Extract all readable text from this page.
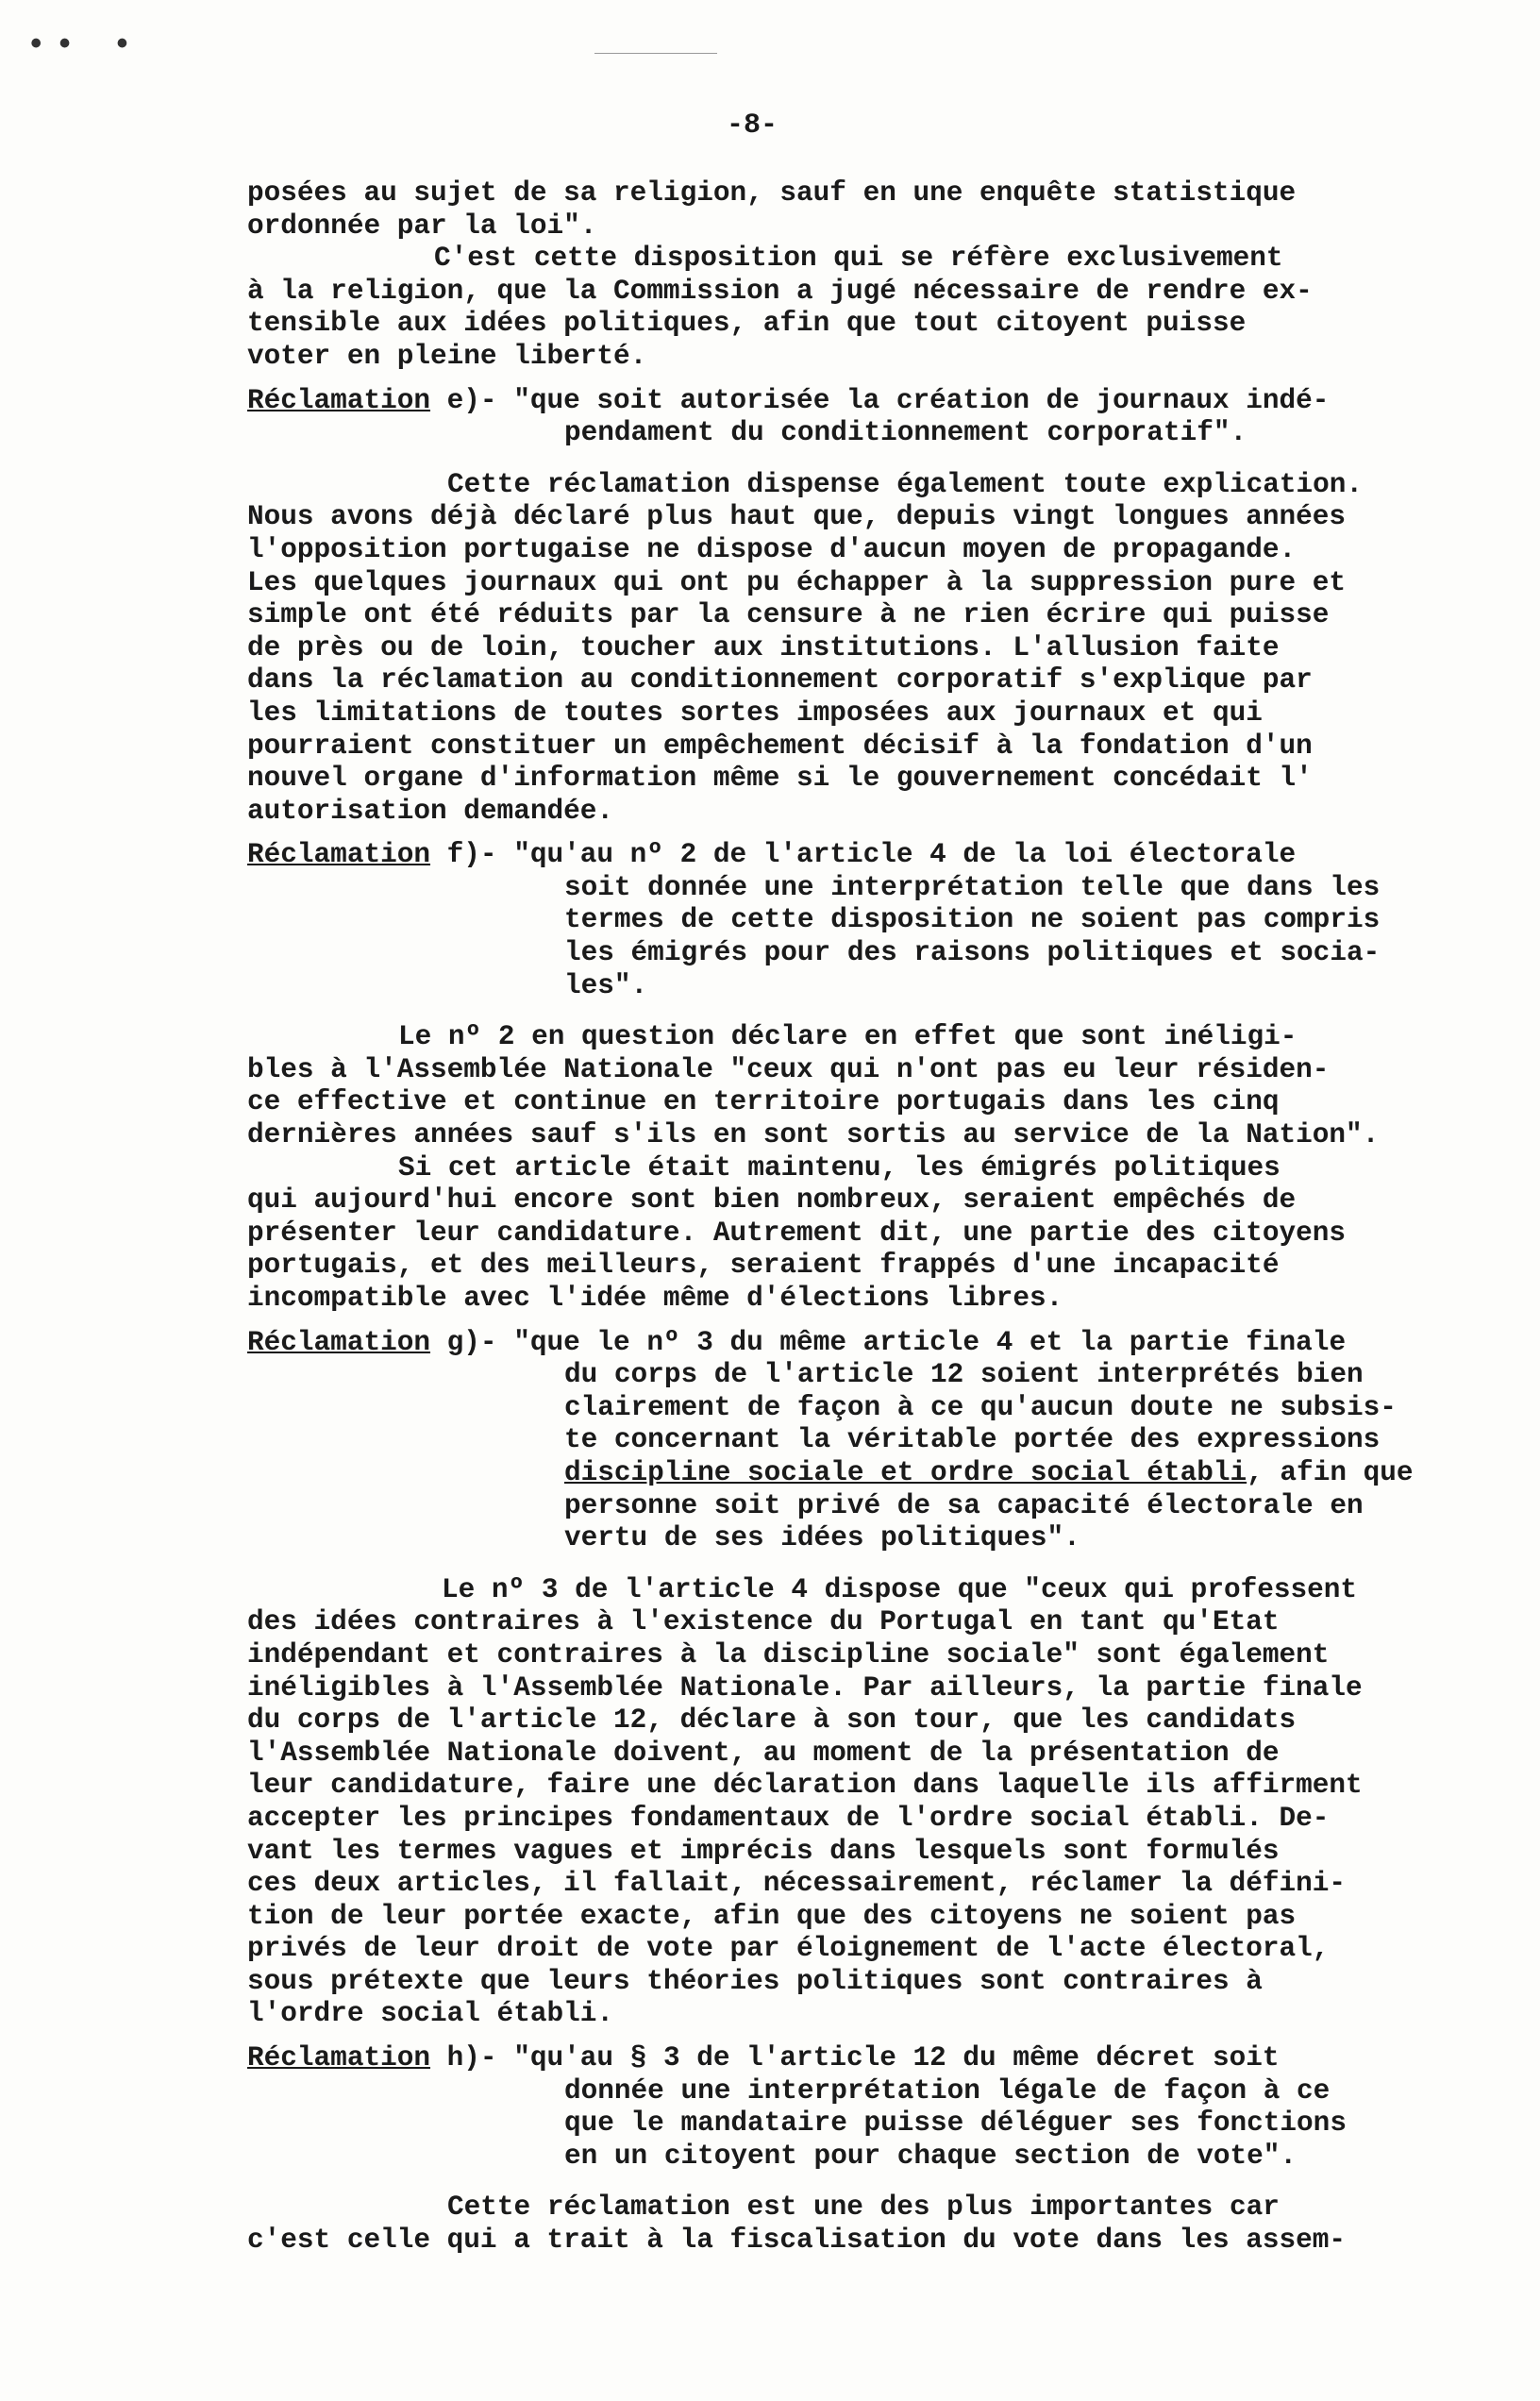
•• •
-8-
posées au sujet de sa religion, sauf en une enquête statistique
ordonnée par la loi".
C'est cette disposition qui se réfère exclusivement
à la religion, que la Commission a jugé nécessaire de rendre ex-
tensible aux idées politiques, afin que tout citoyent puisse
voter en pleine liberté.
Réclamation e)- "que soit autorisée la création de journaux indé-
pendament du conditionnement corporatif".
Cette réclamation dispense également toute explication.
Nous avons déjà déclaré plus haut que, depuis vingt longues années
l'opposition portugaise ne dispose d'aucun moyen de propagande.
Les quelques journaux qui ont pu échapper à la suppression pure et
simple ont été réduits par la censure à ne rien écrire qui puisse
de près ou de loin, toucher aux institutions. L'allusion faite
dans la réclamation au conditionnement corporatif s'explique par
les limitations de toutes sortes imposées aux journaux et qui
pourraient constituer un empêchement décisif à la fondation d'un
nouvel organe d'information même si le gouvernement concédait l'
autorisation demandée.
Réclamation f)- "qu'au nº 2 de l'article 4 de la loi électorale
soit donnée une interprétation telle que dans les
termes de cette disposition ne soient pas compris
les émigrés pour des raisons politiques et socia-
les".
Le nº 2 en question déclare en effet que sont inéligi-
bles à l'Assemblée Nationale "ceux qui n'ont pas eu leur résiden-
ce effective et continue en territoire portugais dans les cinq
dernières années sauf s'ils en sont sortis au service de la Nation".
Si cet article était maintenu, les émigrés politiques
qui aujourd'hui encore sont bien nombreux, seraient empêchés de
présenter leur candidature. Autrement dit, une partie des citoyens
portugais, et des meilleurs, seraient frappés d'une incapacité
incompatible avec l'idée même d'élections libres.
Réclamation g)- "que le nº 3 du même article 4 et la partie finale
du corps de l'article 12 soient interprétés bien
clairement de façon à ce qu'aucun doute ne subsis-
te concernant la véritable portée des expressions
discipline sociale et ordre social établi, afin que
personne soit privé de sa capacité électorale en
vertu de ses idées politiques".
Le nº 3 de l'article 4 dispose que "ceux qui professent
des idées contraires à l'existence du Portugal en tant qu'Etat
indépendant et contraires à la discipline sociale" sont également
inéligibles à l'Assemblée Nationale. Par ailleurs, la partie finale
du corps de l'article 12, déclare à son tour, que les candidats
l'Assemblée Nationale doivent, au moment de la présentation de
leur candidature, faire une déclaration dans laquelle ils affirment
accepter les principes fondamentaux de l'ordre social établi. De-
vant les termes vagues et imprécis dans lesquels sont formulés
ces deux articles, il fallait, nécessairement, réclamer la défini-
tion de leur portée exacte, afin que des citoyens ne soient pas
privés de leur droit de vote par éloignement de l'acte électoral,
sous prétexte que leurs théories politiques sont contraires à
l'ordre social établi.
Réclamation h)- "qu'au § 3 de l'article 12 du même décret soit
donnée une interprétation légale de façon à ce
que le mandataire puisse déléguer ses fonctions
en un citoyent pour chaque section de vote".
Cette réclamation est une des plus importantes car
c'est celle qui a trait à la fiscalisation du vote dans les assem-
